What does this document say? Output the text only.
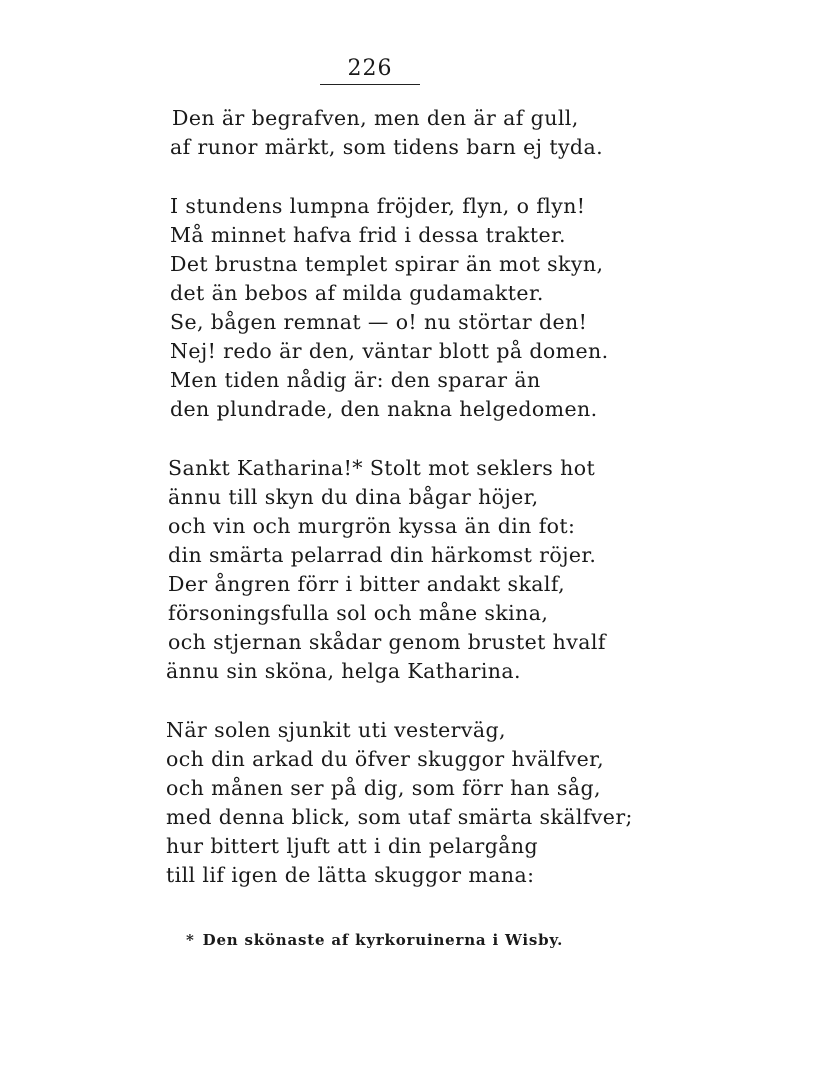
226
Den är begrafven, men den är af gull,
af runor märkt, som tidens barn ej tyda.
I stundens lumpna fröjder, flyn, o flyn!
Må minnet hafva frid i dessa trakter.
Det brustna templet spirar än mot skyn,
det än bebos af milda gudamakter.
Se, bågen remnat — o! nu störtar den!
Nej! redo är den, väntar blott på domen.
Men tiden nådig är: den sparar än
den plundrade, den nakna helgedomen.
Sankt Katharina!* Stolt mot seklers hot
ännu till skyn du dina bågar höjer,
och vin och murgrön kyssa än din fot:
din smärta pelarrad din härkomst röjer.
Der ångren förr i bitter andakt skalf,
försoningsfulla sol och måne skina,
och stjernan skådar genom brustet hvalf
ännu sin sköna, helga Katharina.
När solen sjunkit uti vesterväg,
och din arkad du öfver skuggor hvälfver,
och månen ser på dig, som förr han såg,
med denna blick, som utaf smärta skälfver;
hur bittert ljuft att i din pelargång
till lif igen de lätta skuggor mana:
* Den skönaste af kyrkoruinerna i Wisby.
